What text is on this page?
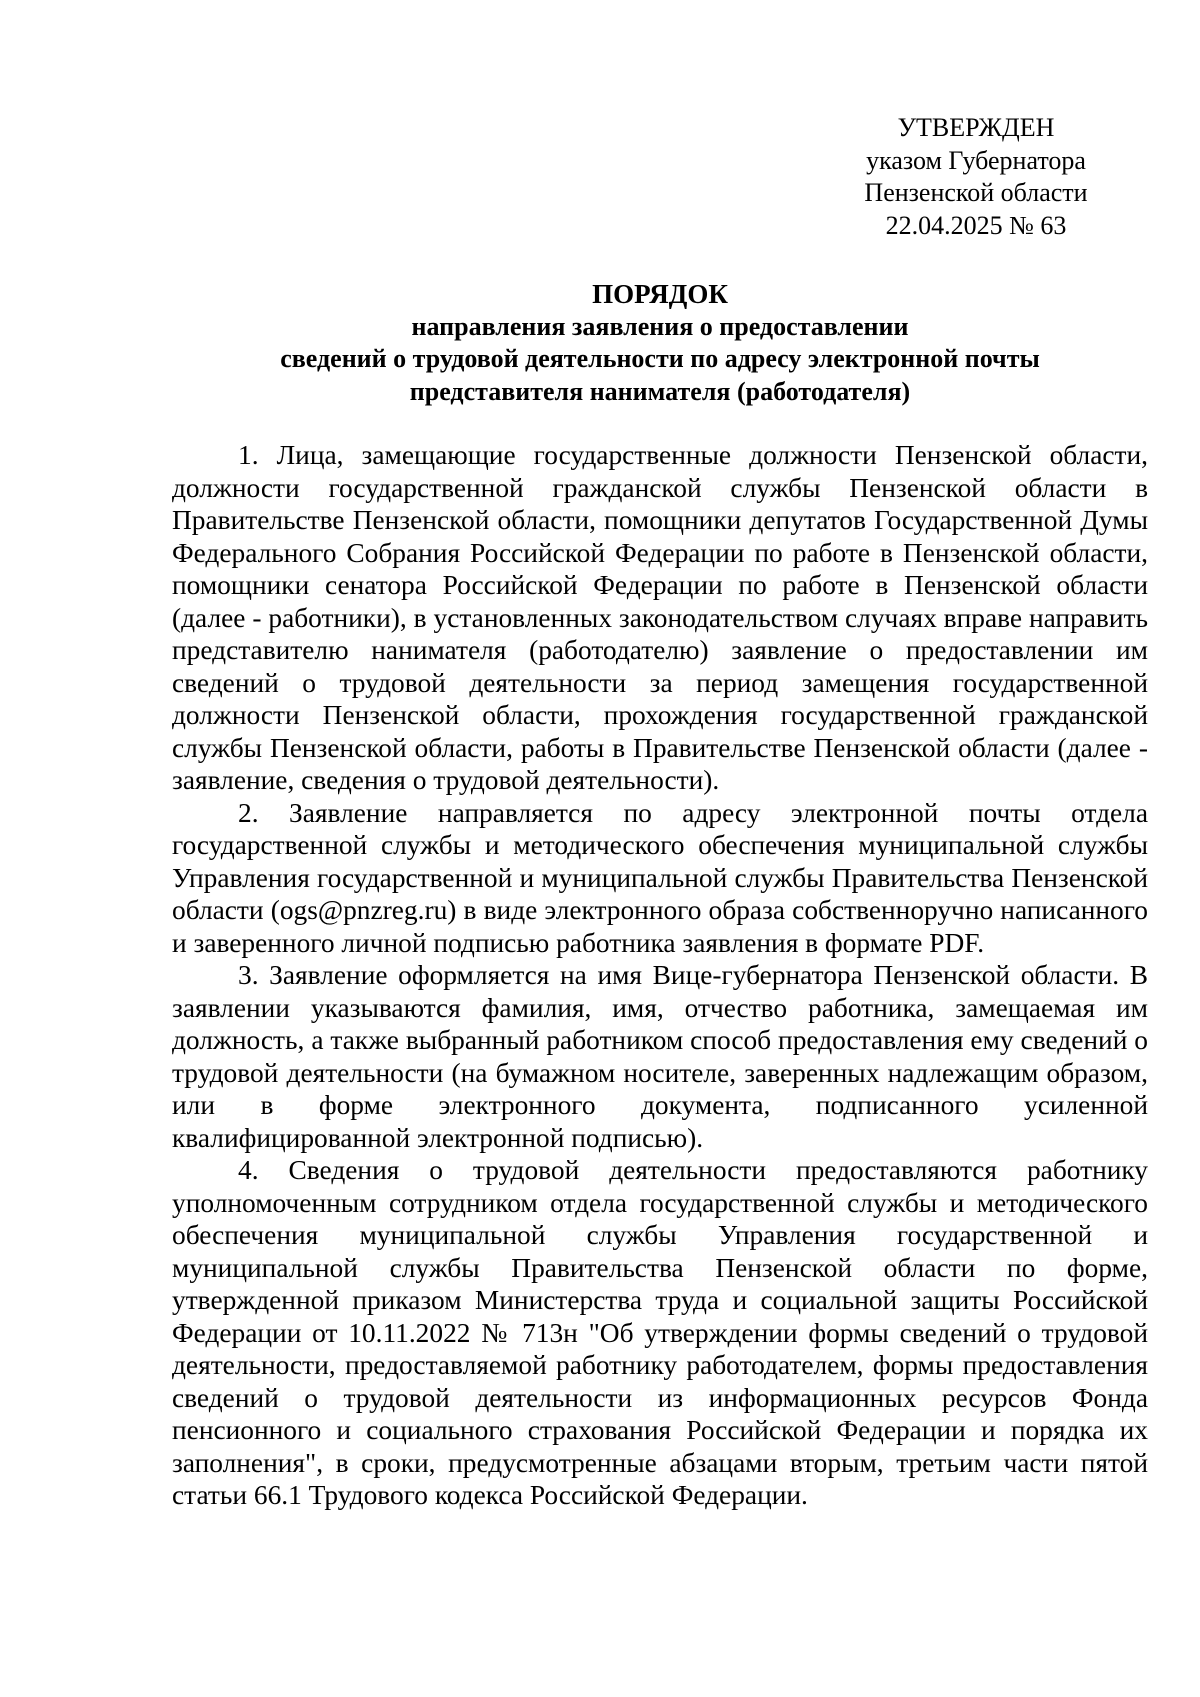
УТВЕРЖДЕН
указом Губернатора
Пензенской области
22.04.2025 № 63
ПОРЯДОК
направления заявления о предоставлении
сведений о трудовой деятельности по адресу электронной почты
представителя нанимателя (работодателя)

1. Лица, замещающие государственные должности Пензенской области, должности государственной гражданской службы Пензенской области в Правительстве Пензенской области, помощники депутатов Государственной Думы Федерального Собрания Российской Федерации по работе в Пензенской области, помощники сенатора Российской Федерации по работе в Пензенской области (далее - работники), в установленных законодательством случаях вправе направить представителю нанимателя (работодателю) заявление о предоставлении им сведений о трудовой деятельности за период замещения государственной должности Пензенской области, прохождения государственной гражданской службы Пензенской области, работы в Правительстве Пензенской области (далее - заявление, сведения о трудовой деятельности).

2. Заявление направляется по адресу электронной почты отдела государственной службы и методического обеспечения муниципальной службы Управления государственной и муниципальной службы Правительства Пензенской области (ogs@pnzreg.ru) в виде электронного образа собственноручно написанного и заверенного личной подписью работника заявления в формате PDF.

3. Заявление оформляется на имя Вице-губернатора Пензенской области. В заявлении указываются фамилия, имя, отчество работника, замещаемая им должность, а также выбранный работником способ предоставления ему сведений о трудовой деятельности (на бумажном носителе, заверенных надлежащим образом, или в форме электронного документа, подписанного усиленной квалифицированной электронной подписью).

4. Сведения о трудовой деятельности предоставляются работнику уполномоченным сотрудником отдела государственной службы и методического обеспечения муниципальной службы Управления государственной и муниципальной службы Правительства Пензенской области по форме, утвержденной приказом Министерства труда и социальной защиты Российской Федерации от 10.11.2022 № 713н "Об утверждении формы сведений о трудовой деятельности, предоставляемой работнику работодателем, формы предоставления сведений о трудовой деятельности из информационных ресурсов Фонда пенсионного и социального страхования Российской Федерации и порядка их заполнения", в сроки, предусмотренные абзацами вторым, третьим части пятой статьи 66.1 Трудового кодекса Российской Федерации.
